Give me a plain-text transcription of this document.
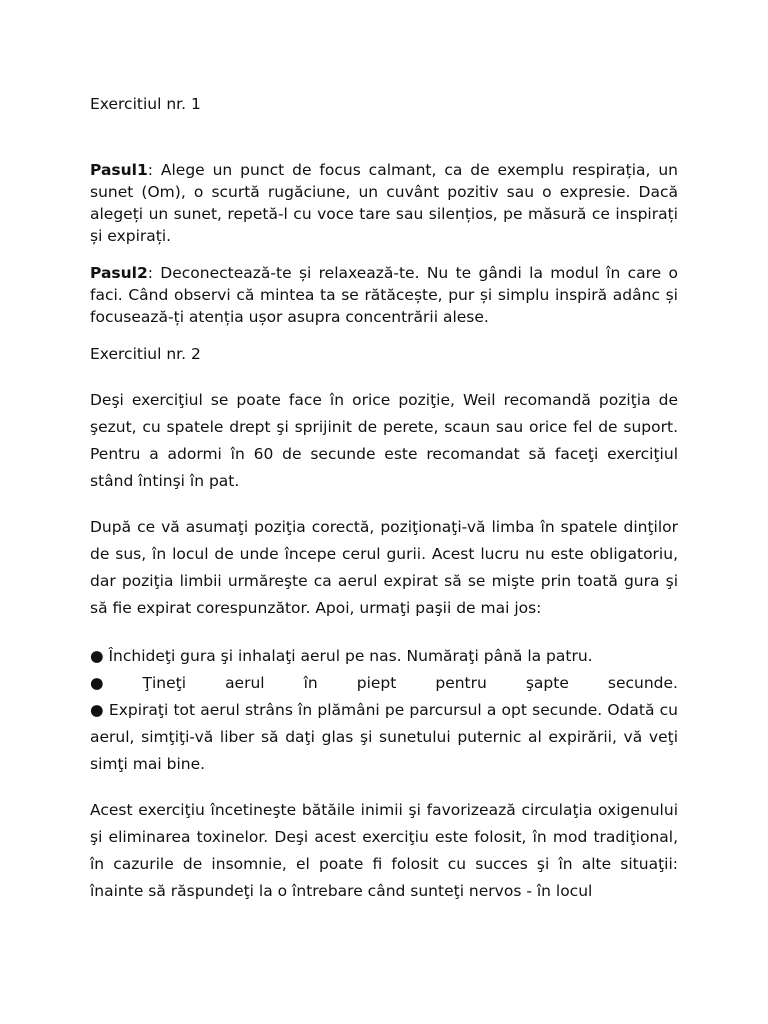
Exercitiul nr. 1

Pasul1: Alege un punct de focus calmant, ca de exemplu respirația, un sunet (Om), o scurtă rugăciune, un cuvânt pozitiv sau o expresie. Dacă alegeți un sunet, repetă-l cu voce tare sau silențios, pe măsură ce inspirați și expirați.

Pasul2: Deconectează-te și relaxează-te. Nu te gândi la modul în care o faci. Când observi că mintea ta se rătăcește, pur și simplu inspiră adânc și focusează-ți atenția ușor asupra concentrării alese.

Exercitiul nr. 2

Deşi exerciţiul se poate face în orice poziţie, Weil recomandă poziţia de şezut, cu spatele drept şi sprijinit de perete, scaun sau orice fel de suport. Pentru a adormi în 60 de secunde este recomandat să faceţi exerciţiul stând întinşi în pat.

După ce vă asumaţi poziţia corectă, poziţionaţi-vă limba în spatele dinţilor de sus, în locul de unde începe cerul gurii. Acest lucru nu este obligatoriu, dar poziţia limbii urmăreşte ca aerul expirat să se mişte prin toată gura şi să fie expirat corespunzător. Apoi, urmaţi paşii de mai jos:

● Închideţi gura şi inhalaţi aerul pe nas. Număraţi până la patru.
●	Ţineţi	aerul	în	piept	pentru	şapte	secunde.
● Expiraţi tot aerul strâns în plămâni pe parcursul a opt secunde. Odată cu aerul, simţiţi-vă liber să daţi glas şi sunetului puternic al expirării, vă veţi simţi mai bine.

Acest exerciţiu încetineşte bătăile inimii şi favorizează circulaţia oxigenului şi eliminarea toxinelor. Deşi acest exerciţiu este folosit, în mod tradiţional, în cazurile de insomnie, el poate fi folosit cu succes şi în alte situaţii: înainte să răspundeţi la o întrebare când sunteţi nervos - în locul
